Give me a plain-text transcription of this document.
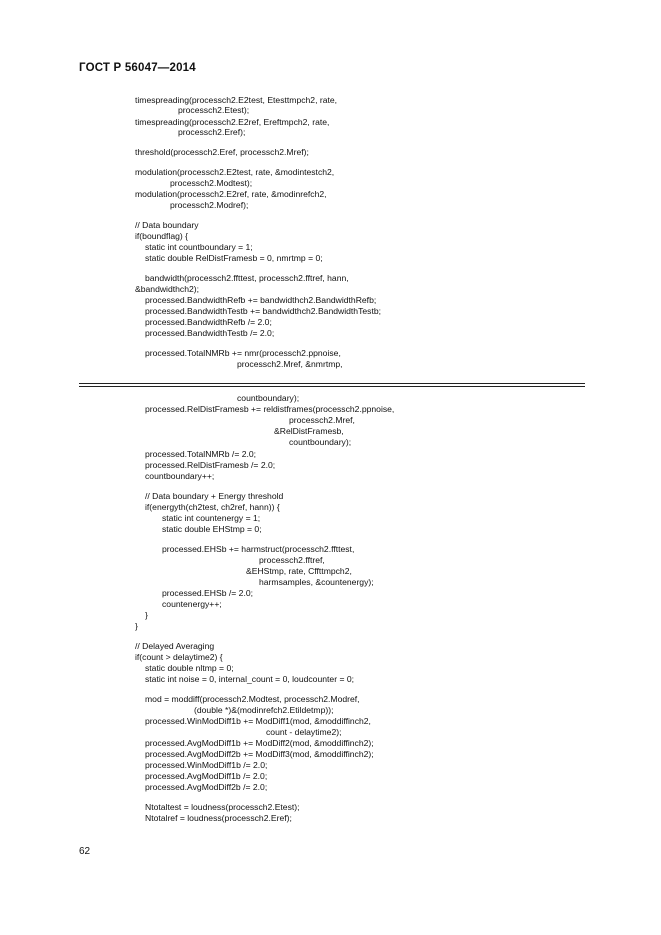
ГОСТ Р 56047—2014
timespreading(processch2.E2test, Etesttmpch2, rate,
processch2.Etest);
timespreading(processch2.E2ref, Ereftmpch2, rate,
processch2.Eref);
threshold(processch2.Eref, processch2.Mref);
modulation(processch2.E2test, rate, &modintestch2,
processch2.Modtest);
modulation(processch2.E2ref, rate, &modinrefch2,
processch2.Modref);
// Data boundary
if(boundflag) {
static int countboundary = 1;
static double RelDistFramesb = 0, nmrtmp = 0;
bandwidth(processch2.ffttest, processch2.fftref, hann,
&bandwidthch2);
processed.BandwidthRefb += bandwidthch2.BandwidthRefb;
processed.BandwidthTestb += bandwidthch2.BandwidthTestb;
processed.BandwidthRefb /= 2.0;
processed.BandwidthTestb /= 2.0;
processed.TotalNMRb += nmr(processch2.ppnoise,
processch2.Mref, &nmrtmp,
countboundary);
processed.RelDistFramesb += reldistframes(processch2.ppnoise,
processch2.Mref,
&RelDistFramesb,
countboundary);
processed.TotalNMRb /= 2.0;
processed.RelDistFramesb /= 2.0;
countboundary++;
// Data boundary + Energy threshold
if(energyth(ch2test, ch2ref, hann)) {
static int countenergy = 1;
static double EHStmp = 0;
processed.EHSb += harmstruct(processch2.ffttest,
processch2.fftref,
&EHStmp, rate, Cffttmpch2,
harmsamples, &countenergy);
processed.EHSb /= 2.0;
countenergy++;
}
}
// Delayed Averaging
if(count > delaytime2) {
static double nltmp = 0;
static int noise = 0, internal_count = 0, loudcounter = 0;
mod = moddiff(processch2.Modtest, processch2.Modref,
(double *)&(modinrefch2.Etildetmp));
processed.WinModDiff1b += ModDiff1(mod, &moddiffinch2,
count - delaytime2);
processed.AvgModDiff1b += ModDiff2(mod, &moddiffinch2);
processed.AvgModDiff2b += ModDiff3(mod, &moddiffinch2);
processed.WinModDiff1b /= 2.0;
processed.AvgModDiff1b /= 2.0;
processed.AvgModDiff2b /= 2.0;
Ntotaltest = loudness(processch2.Etest);
Ntotalref = loudness(processch2.Eref);
62
